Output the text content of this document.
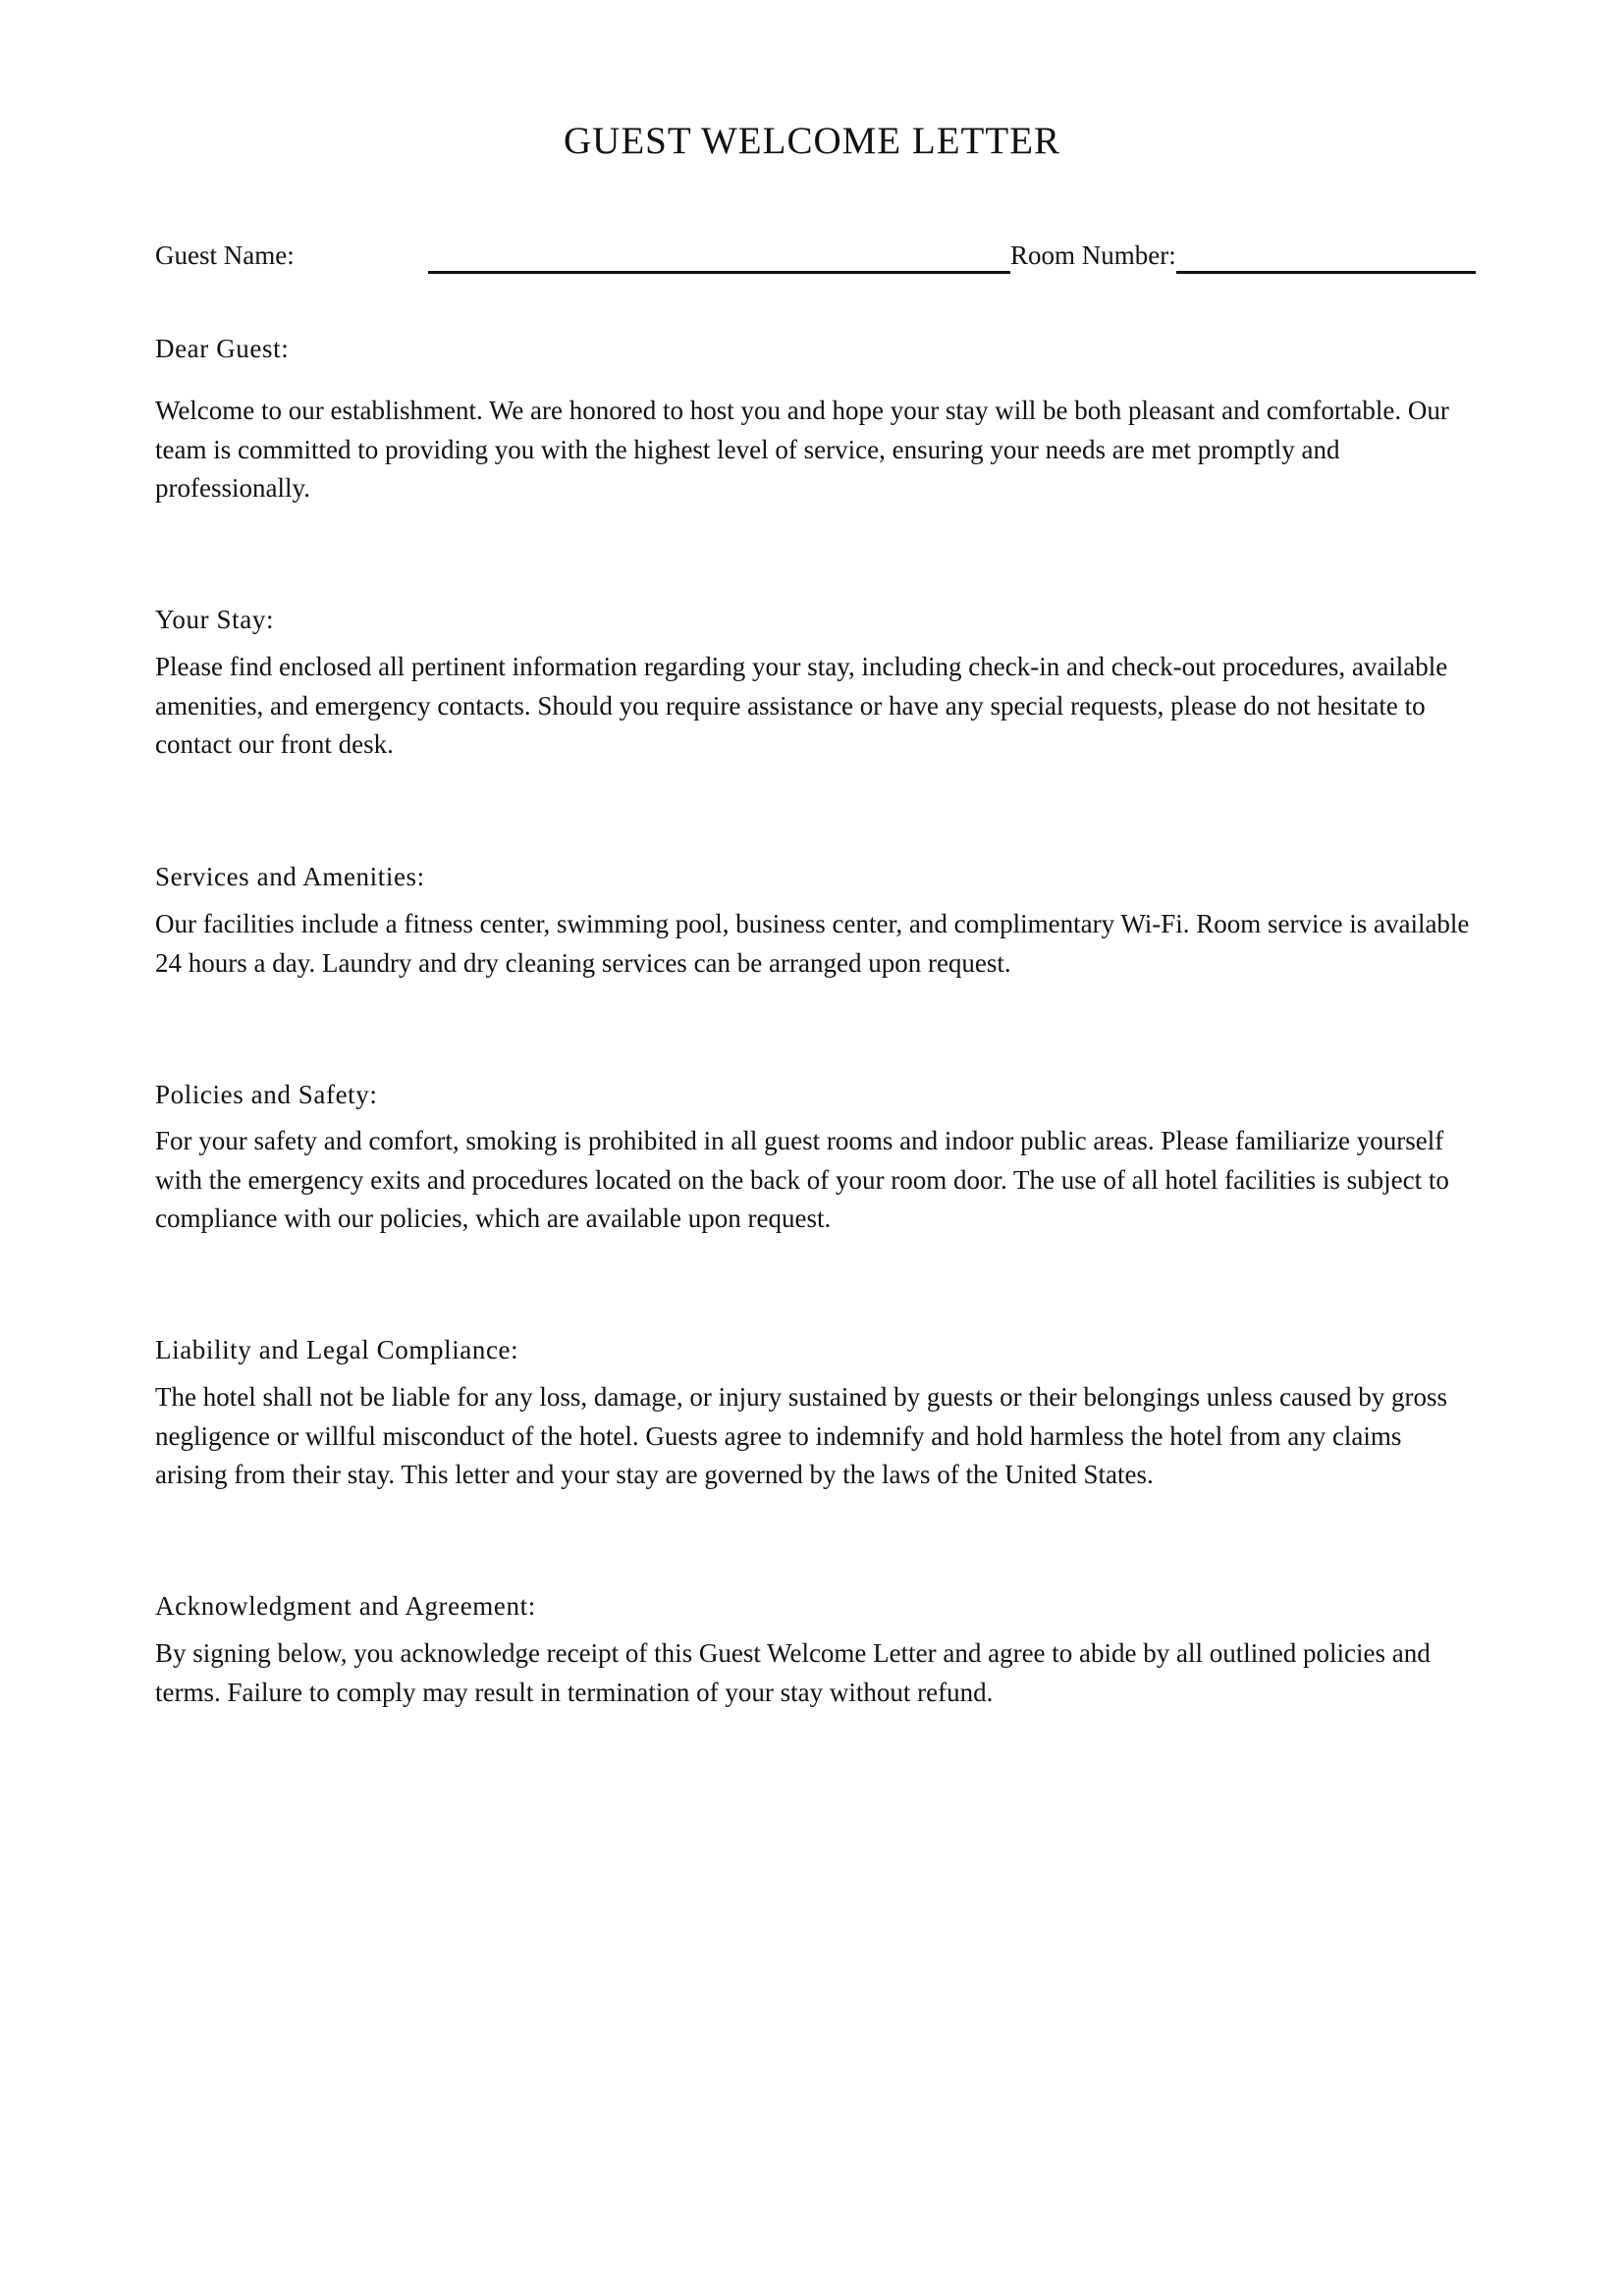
GUEST WELCOME LETTER
Guest Name:	Room Number:
Dear Guest:

Welcome to our establishment. We are honored to host you and hope your stay will be both pleasant and comfortable. Our team is committed to providing you with the highest level of service, ensuring your needs are met promptly and professionally.

Your Stay:

Please find enclosed all pertinent information regarding your stay, including check-in and check-out procedures, available amenities, and emergency contacts. Should you require assistance or have any special requests, please do not hesitate to contact our front desk.

Services and Amenities:

Our facilities include a fitness center, swimming pool, business center, and complimentary Wi-Fi. Room service is available 24 hours a day. Laundry and dry cleaning services can be arranged upon request.

Policies and Safety:

For your safety and comfort, smoking is prohibited in all guest rooms and indoor public areas. Please familiarize yourself with the emergency exits and procedures located on the back of your room door. The use of all hotel facilities is subject to compliance with our policies, which are available upon request.

Liability and Legal Compliance:

The hotel shall not be liable for any loss, damage, or injury sustained by guests or their belongings unless caused by gross negligence or willful misconduct of the hotel. Guests agree to indemnify and hold harmless the hotel from any claims arising from their stay. This letter and your stay are governed by the laws of the United States.

Acknowledgment and Agreement:

By signing below, you acknowledge receipt of this Guest Welcome Letter and agree to abide by all outlined policies and terms. Failure to comply may result in termination of your stay without refund.
